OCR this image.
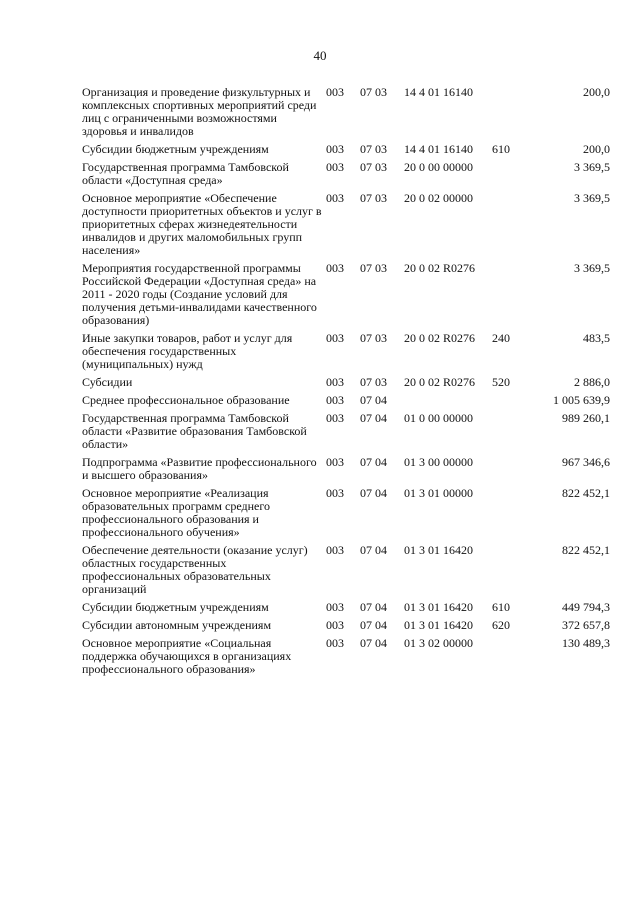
40
Организация и проведение физкультурных и комплексных спортивных мероприятий среди лиц с ограниченными возможностями здоровья и инвалидов	003	07 03	14 4 01 16140		200,0
Субсидии бюджетным учреждениям	003	07 03	14 4 01 16140	610	200,0
Государственная программа Тамбовской области «Доступная среда»	003	07 03	20 0 00 00000		3 369,5
Основное мероприятие «Обеспечение доступности приоритетных объектов и услуг в приоритетных сферах жизнедеятельности инвалидов и других маломобильных групп населения»	003	07 03	20 0 02 00000		3 369,5
Мероприятия государственной программы Российской Федерации «Доступная среда» на 2011 - 2020 годы (Создание условий для получения детьми-инвалидами качественного образования)	003	07 03	20 0 02 R0276		3 369,5
Иные закупки товаров, работ и услуг для обеспечения государственных (муниципальных) нужд	003	07 03	20 0 02 R0276	240	483,5
Субсидии	003	07 03	20 0 02 R0276	520	2 886,0
Среднее профессиональное образование	003	07 04			1 005 639,9
Государственная программа Тамбовской области «Развитие образования Тамбовской области»	003	07 04	01 0 00 00000		989 260,1
Подпрограмма «Развитие профессионального и высшего образования»	003	07 04	01 3 00 00000		967 346,6
Основное мероприятие «Реализация образовательных программ среднего профессионального образования и профессионального обучения»	003	07 04	01 3 01 00000		822 452,1
Обеспечение деятельности (оказание услуг) областных государственных профессиональных образовательных организаций	003	07 04	01 3 01 16420		822 452,1
Субсидии бюджетным учреждениям	003	07 04	01 3 01 16420	610	449 794,3
Субсидии автономным учреждениям	003	07 04	01 3 01 16420	620	372 657,8
Основное мероприятие «Социальная поддержка обучающихся в организациях профессионального образования»	003	07 04	01 3 02 00000		130 489,3
